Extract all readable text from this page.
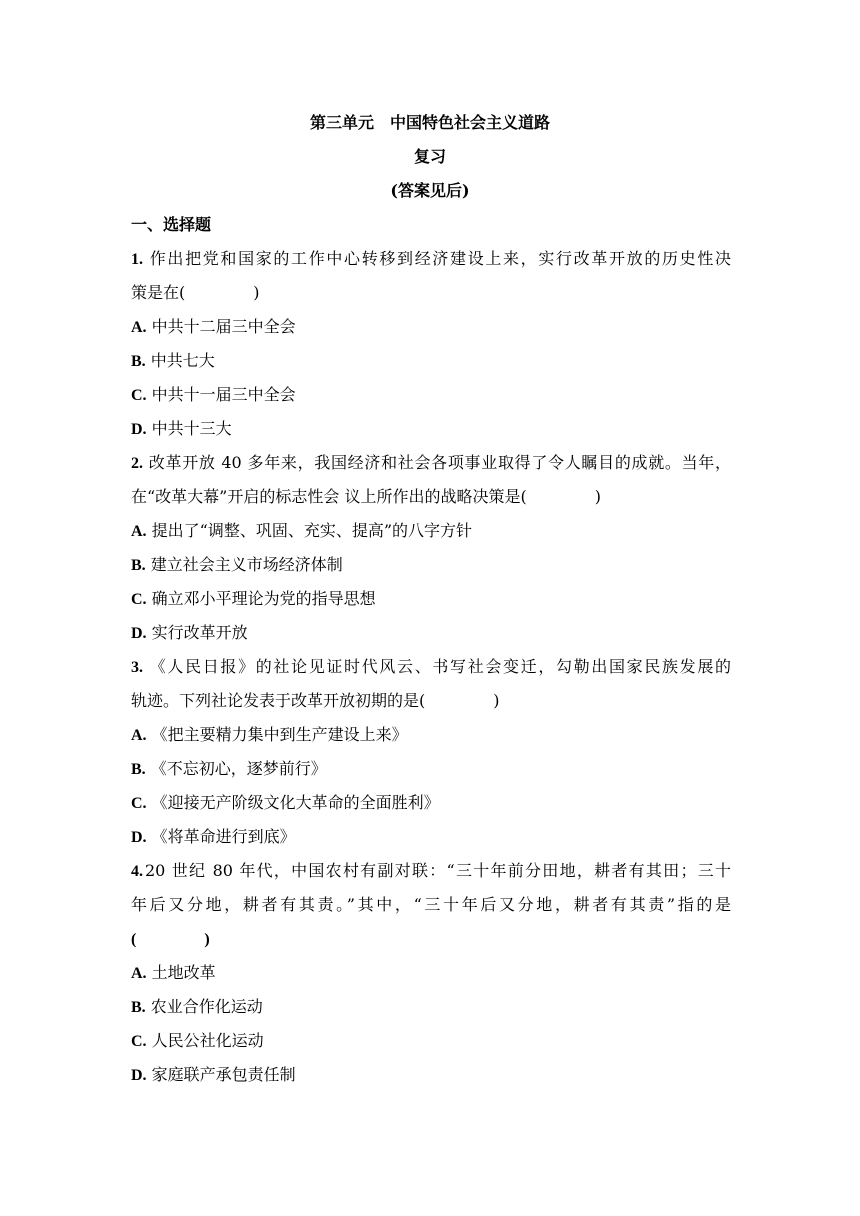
第三单元　中国特色社会主义道路
复习
(答案见后)
一、选择题
1. 作出把党和国家的工作中心转移到经济建设上来，实行改革开放的历史性决
策是在(	)
A. 中共十二届三中全会
B. 中共七大
C. 中共十一届三中全会
D. 中共十三大
2. 改革开放 40 多年来，我国经济和社会各项事业取得了令人瞩目的成就。当年，
在“改革大幕”开启的标志性会 议上所作出的战略决策是(	)
A. 提出了“调整、巩固、充实、提高”的八字方针
B. 建立社会主义市场经济体制
C. 确立邓小平理论为党的指导思想
D. 实行改革开放
3. 《人民日报》的社论见证时代风云、书写社会变迁，勾勒出国家民族发展的
轨迹。下列社论发表于改革开放初期的是(	)
A. 《把主要精力集中到生产建设上来》
B. 《不忘初心，逐梦前行》
C. 《迎接无产阶级文化大革命的全面胜利》
D. 《将革命进行到底》
4. 20 世纪 80 年代，中国农村有副对联：“三十年前分田地，耕者有其田；三十
年后又分地，耕者有其责。”其中，“三十年后又分地，耕者有其责”指的是
(	)
A. 土地改革
B. 农业合作化运动
C. 人民公社化运动
D. 家庭联产承包责任制
